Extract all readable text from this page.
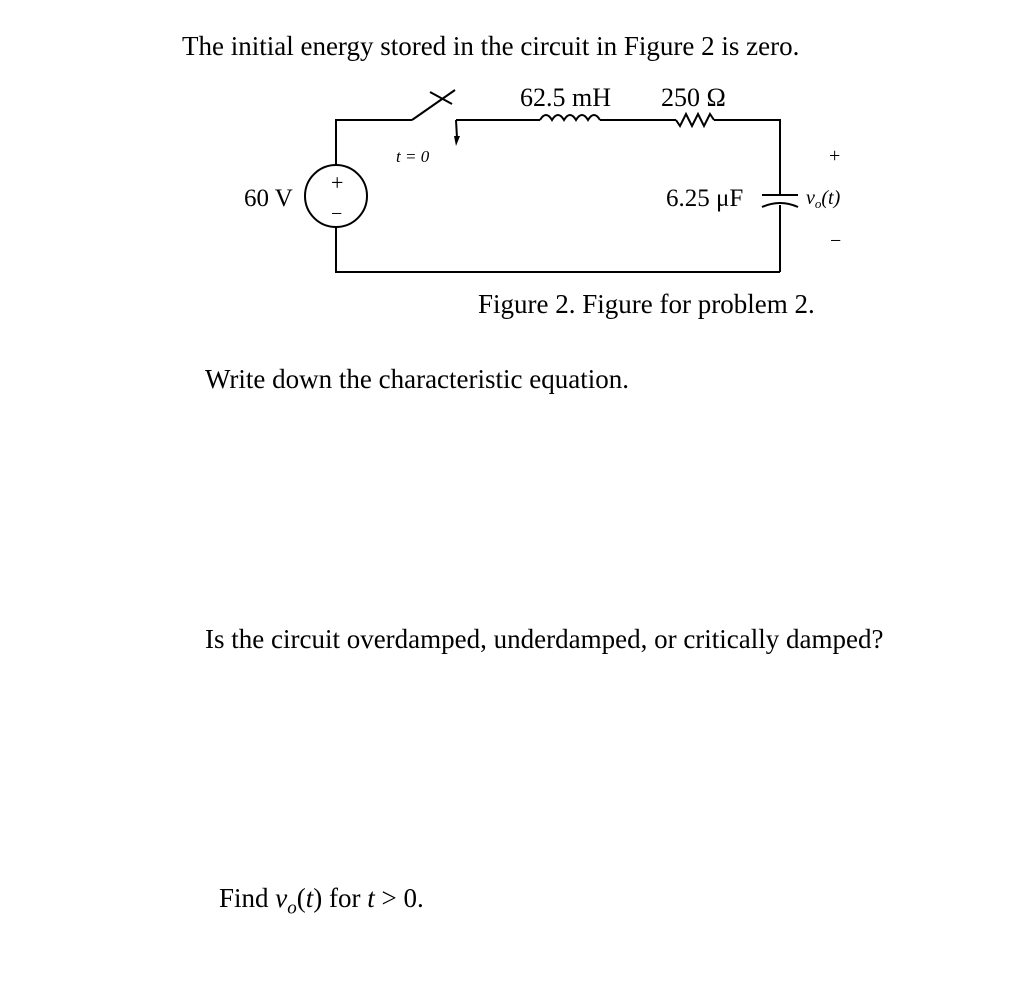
The initial energy stored in the circuit in Figure 2 is zero.
62.5 mH 250 Ω
t = 0
60 V
+
−
6.25 μF
+
$v_o(t)$
−
Figure 2. Figure for problem 2.
Write down the characteristic equation.
Is the circuit overdamped, underdamped, or critically damped?
Find $v_o(t)$ for t > 0.
